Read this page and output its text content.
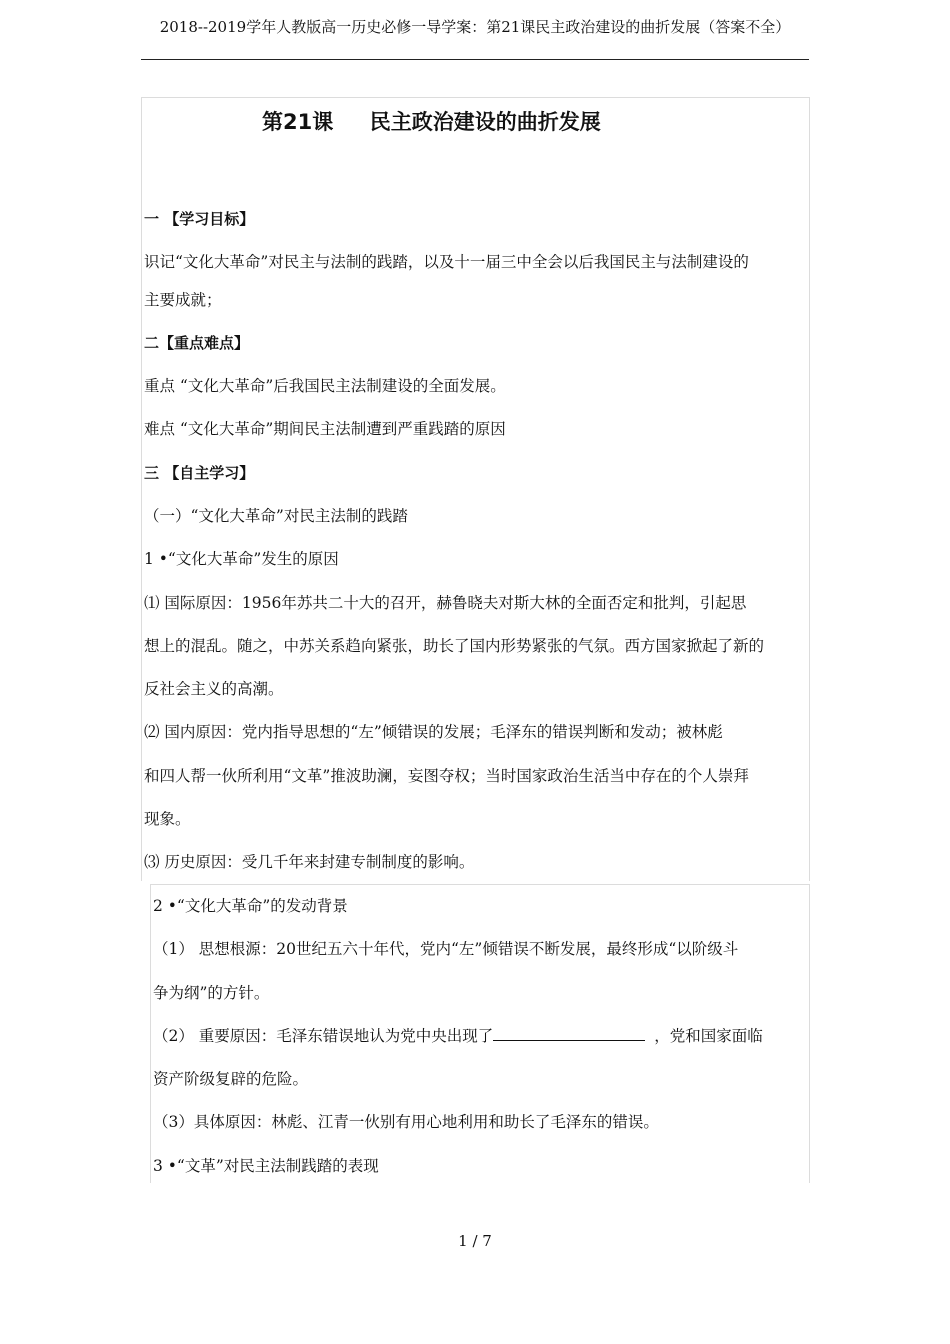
2018--2019学年人教版高一历史必修一导学案：第21课民主政治建设的曲折发展（答案不全）
第21课     民主政治建设的曲折发展
一 【学习目标】
识记“文化大革命”对民主与法制的践踏，以及十一届三中全会以后我国民主与法制建设的
主要成就；
二【重点难点】
重点 “文化大革命”后我国民主法制建设的全面发展。
难点 “文化大革命”期间民主法制遭到严重践踏的原因
三 【自主学习】
（一）“文化大革命”对民主法制的践踏
1 •“文化大革命”发生的原因
⑴ 国际原因：1956年苏共二十大的召开，赫鲁晓夫对斯大林的全面否定和批判，引起思
想上的混乱。随之，中苏关系趋向紧张，助长了国内形势紧张的气氛。西方国家掀起了新的
反社会主义的高潮。
⑵ 国内原因：党内指导思想的“左”倾错误的发展；毛泽东的错误判断和发动；被林彪
和四人帮一伙所利用“文革”推波助澜，妄图夺权；当时国家政治生活当中存在的个人崇拜
现象。
⑶ 历史原因：受几千年来封建专制制度的影响。
2 •“文化大革命”的发动背景
（1） 思想根源：20世纪五六十年代，党内“左”倾错误不断发展，最终形成“以阶级斗
争为纲”的方针。
（2） 重要原因：毛泽东错误地认为党中央出现了	，党和国家面临
资产阶级复辟的危险。
（3）具体原因：林彪、江青一伙别有用心地利用和助长了毛泽东的错误。
3 •“文革”对民主法制践踏的表现
1 / 7
